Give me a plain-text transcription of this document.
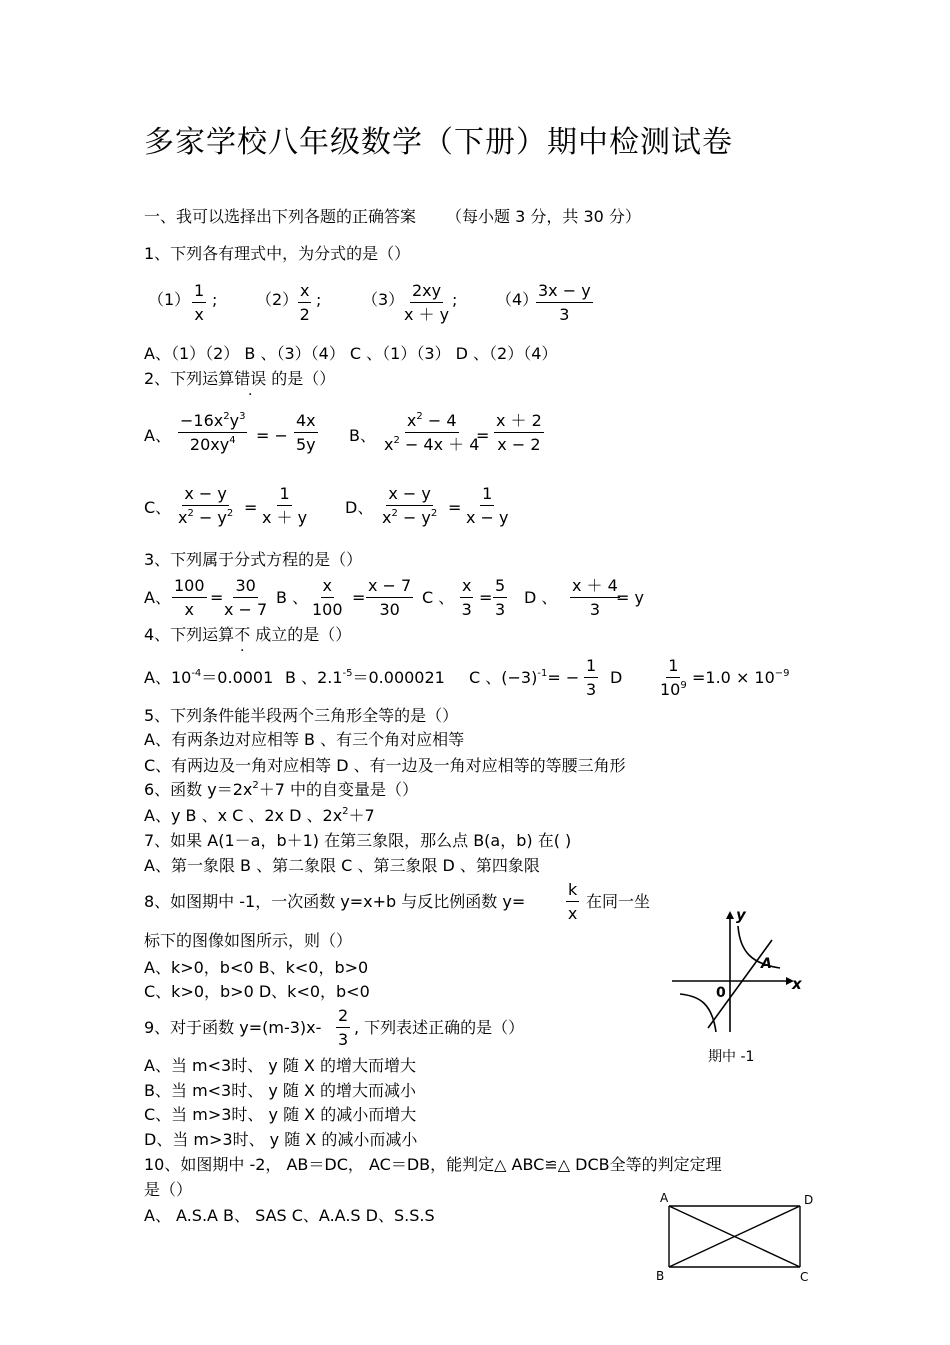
多家学校八年级数学（下册）期中检测试卷
一、我可以选择出下列各题的正确答案 （每小题 3 分，共 30 分）
1、下列各有理式中，为分式的是（）
$(1) \frac{1}{x}$ ; $(2) \frac{x}{2}$ ;	$(3) \frac{2xy}{x + y}$ ; （4）
$\frac{3x - y}{3}$
A、（1）（2） B 、（3）（4） C 、（1）（3） D 、（2）（4）
2、下列运算错误 的是（）
A、 $\frac{-16x^2y^3}{20xy^4}$ = − $\frac{4x}{5y}$ B、 $\frac{x^2 - 4}{x^2 - 4x + 4}$
= $\frac{x + 2}{x - 2}$
C、 $\frac{x - y}{x^2 - y^2} = \frac{1}{x + y}$ D、 $\frac{x - y}{x^2 - y^2} = \frac{1}{x - y}$
3、下列属于分式方程的是（）
A、 $\frac{100}{x} = \frac{30}{x - 7}$ B 、 $\frac{x}{100} = \frac{x - 7}{30}$ C 、 $\frac{x}{3} = \frac{5}{3}$ D 、 $\frac{x + 4}{3}$
= y
4、下列运算不 成立的是（）
A、$10^{-4}=0.0001$ B 、$2.1^{-5}=0.000021$ C 、$(-3)^{-1}= - \frac{1}{3}$ D $\frac{1}{10^9} =1.0 \times 10^{-9}$
5、下列条件能半段两个三角形全等的是（）
A、有两条边对应相等 B 、有三个角对应相等
C、有两边及一角对应相等 D 、有一边及一角对应相等的等腰三角形
6、函数 $y=2x^2+7$ 中的自变量是（）
A、y B 、x C 、2x D 、$2x^2+7$
7、如果 A(1－a，b＋1) 在第三象限，那么点 B(a，b) 在( )
A、第一象限 B 、第二象限 C 、第三象限 D 、第四象限
8、如图期中 -1，一次函数 y=x+b 与反比例函数 y=	$\frac{k}{x}$ 在同一坐
标下的图像如图所示，则（）
A、k>0，b<0 B、k<0，b>0
C、k>0，b>0 D、k<0，b<0
y
x
0
A
期中 -1
9、对于函数 $y=(m-3)x- \frac{2}{3}$ , 下列表述正确的是（）
A、当 m<3时、 y 随 X 的增大而增大
B、当 m<3时、 y 随 X 的增大而减小
C、当 m>3时、 y 随 X 的减小而增大
D、当 m>3时、 y 随 X 的减小而减小
10、如图期中 -2， AB＝DC， AC＝DB，能判定△ ABC≌△ DCB全等的判定定理
是（）
A、 A.S.A B、 SAS C、A.A.S D、S.S.S
A	D
B	C
